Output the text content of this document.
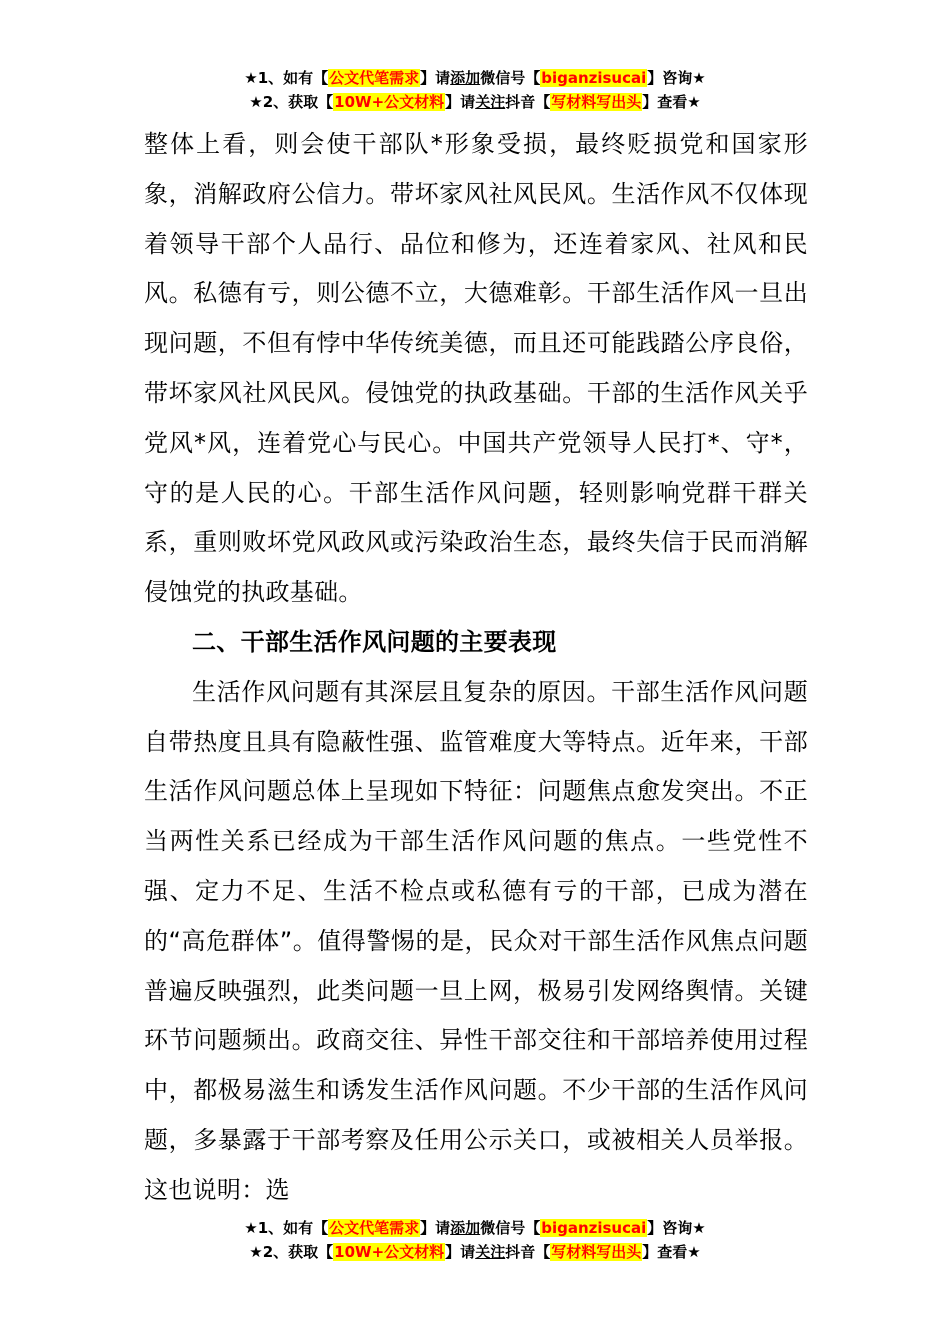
★1、如有【公文代笔需求】请添加微信号【biganzisucai】咨询★
★2、获取【10W+公文材料】请关注抖音【写材料写出头】查看★

整体上看，则会使干部队*形象受损，最终贬损党和国家形象，消解政府公信力。带坏家风社风民风。生活作风不仅体现着领导干部个人品行、品位和修为，还连着家风、社风和民风。私德有亏，则公德不立，大德难彰。干部生活作风一旦出现问题，不但有悖中华传统美德，而且还可能践踏公序良俗，带坏家风社风民风。侵蚀党的执政基础。干部的生活作风关乎党风*风，连着党心与民心。中国共产党领导人民打*、守*，守的是人民的心。干部生活作风问题，轻则影响党群干群关系，重则败坏党风政风或污染政治生态，最终失信于民而消解侵蚀党的执政基础。

二、干部生活作风问题的主要表现

生活作风问题有其深层且复杂的原因。干部生活作风问题自带热度且具有隐蔽性强、监管难度大等特点。近年来，干部生活作风问题总体上呈现如下特征：问题焦点愈发突出。不正当两性关系已经成为干部生活作风问题的焦点。一些党性不强、定力不足、生活不检点或私德有亏的干部，已成为潜在的“高危群体”。值得警惕的是，民众对干部生活作风焦点问题普遍反映强烈，此类问题一旦上网，极易引发网络舆情。关键环节问题频出。政商交往、异性干部交往和干部培养使用过程中，都极易滋生和诱发生活作风问题。不少干部的生活作风问题，多暴露于干部考察及任用公示关口，或被相关人员举报。这也说明：选

★1、如有【公文代笔需求】请添加微信号【biganzisucai】咨询★
★2、获取【10W+公文材料】请关注抖音【写材料写出头】查看★
